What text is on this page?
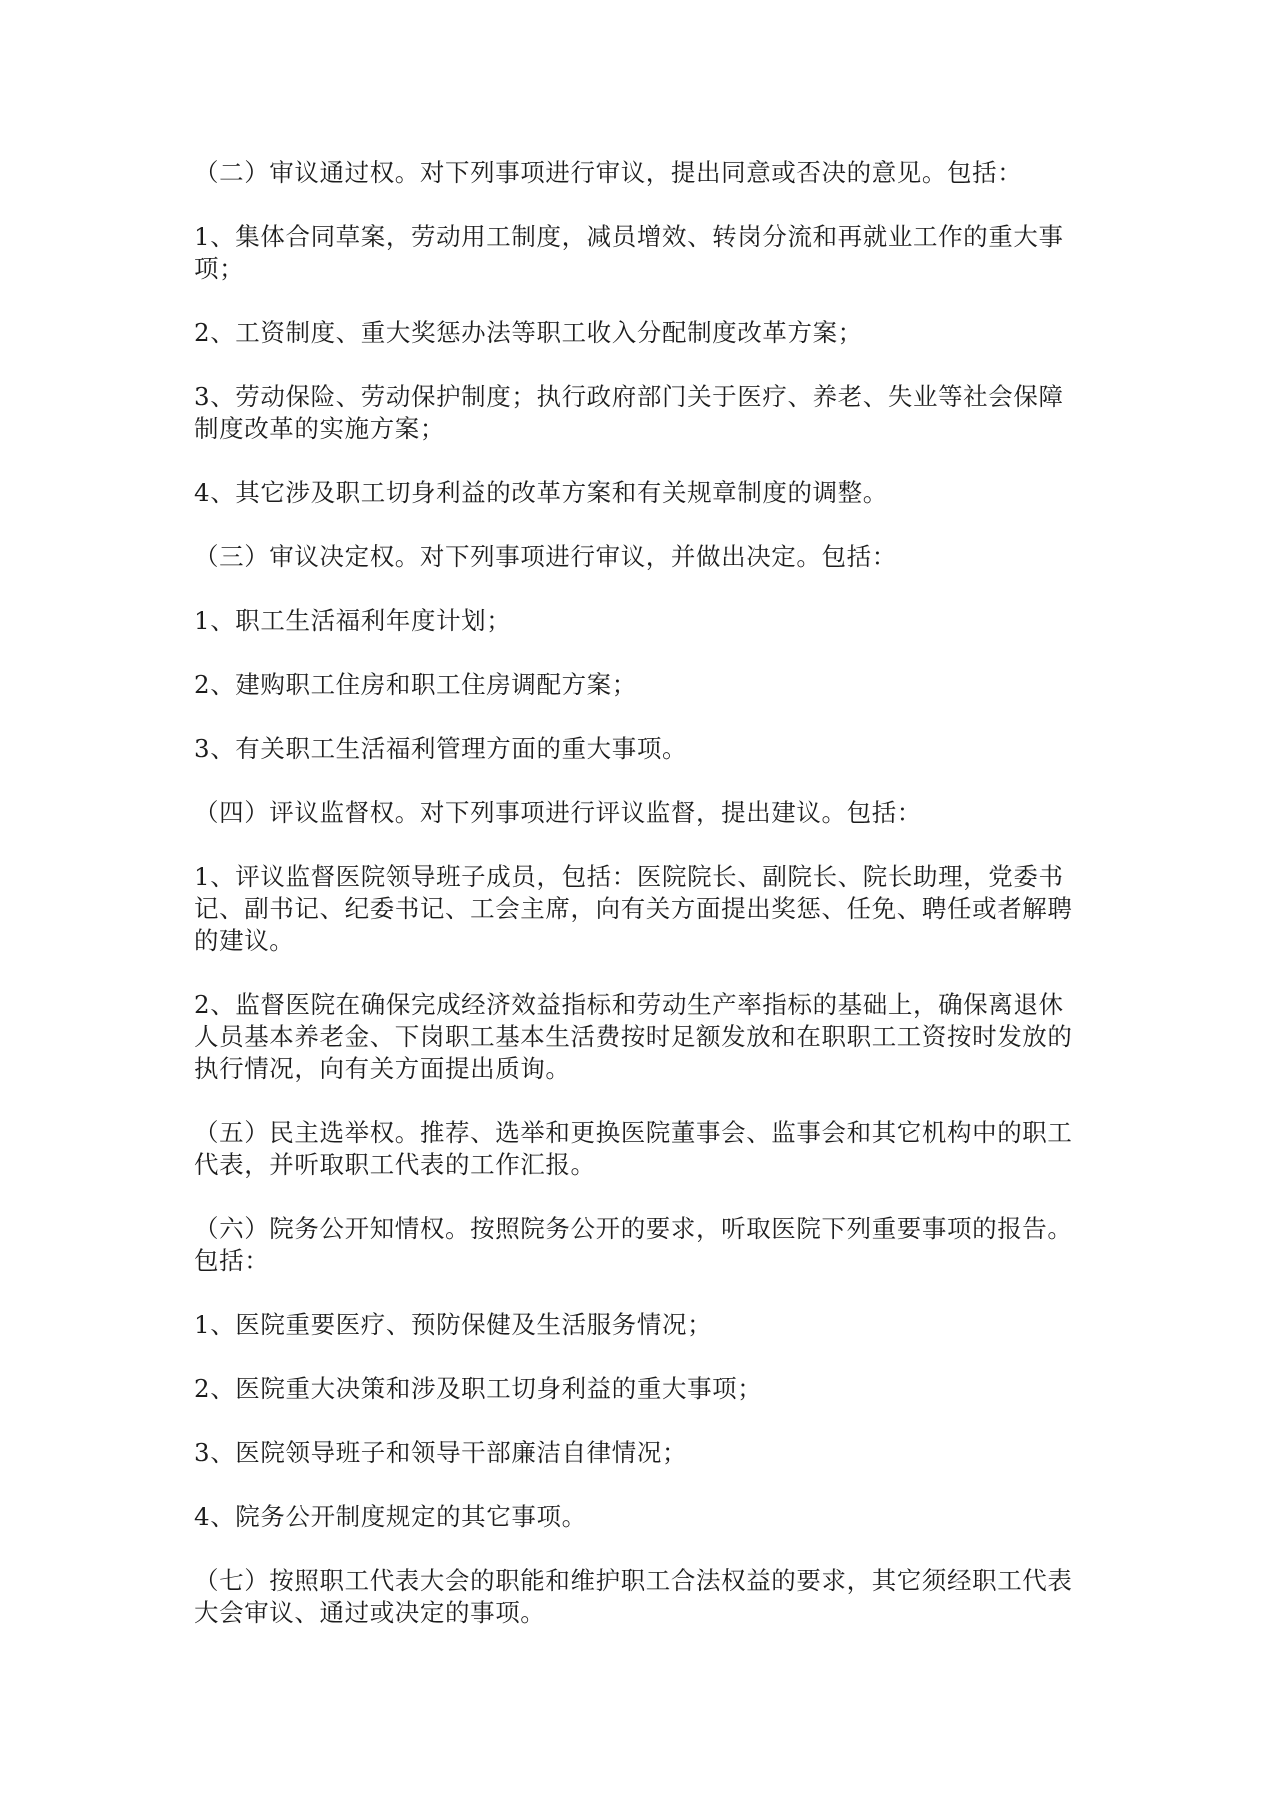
（二）审议通过权。对下列事项进行审议，提出同意或否决的意见。包括：

1、集体合同草案，劳动用工制度，减员增效、转岗分流和再就业工作的重大事
项；

2、工资制度、重大奖惩办法等职工收入分配制度改革方案；

3、劳动保险、劳动保护制度；执行政府部门关于医疗、养老、失业等社会保障
制度改革的实施方案；

4、其它涉及职工切身利益的改革方案和有关规章制度的调整。

（三）审议决定权。对下列事项进行审议，并做出决定。包括：

1、职工生活福利年度计划；

2、建购职工住房和职工住房调配方案；

3、有关职工生活福利管理方面的重大事项。

（四）评议监督权。对下列事项进行评议监督，提出建议。包括：

1、评议监督医院领导班子成员，包括：医院院长、副院长、院长助理，党委书
记、副书记、纪委书记、工会主席，向有关方面提出奖惩、任免、聘任或者解聘
的建议。

2、监督医院在确保完成经济效益指标和劳动生产率指标的基础上，确保离退休
人员基本养老金、下岗职工基本生活费按时足额发放和在职职工工资按时发放的
执行情况，向有关方面提出质询。

（五）民主选举权。推荐、选举和更换医院董事会、监事会和其它机构中的职工
代表，并听取职工代表的工作汇报。

（六）院务公开知情权。按照院务公开的要求，听取医院下列重要事项的报告。
包括：

1、医院重要医疗、预防保健及生活服务情况；

2、医院重大决策和涉及职工切身利益的重大事项；

3、医院领导班子和领导干部廉洁自律情况；

4、院务公开制度规定的其它事项。

（七）按照职工代表大会的职能和维护职工合法权益的要求，其它须经职工代表
大会审议、通过或决定的事项。
